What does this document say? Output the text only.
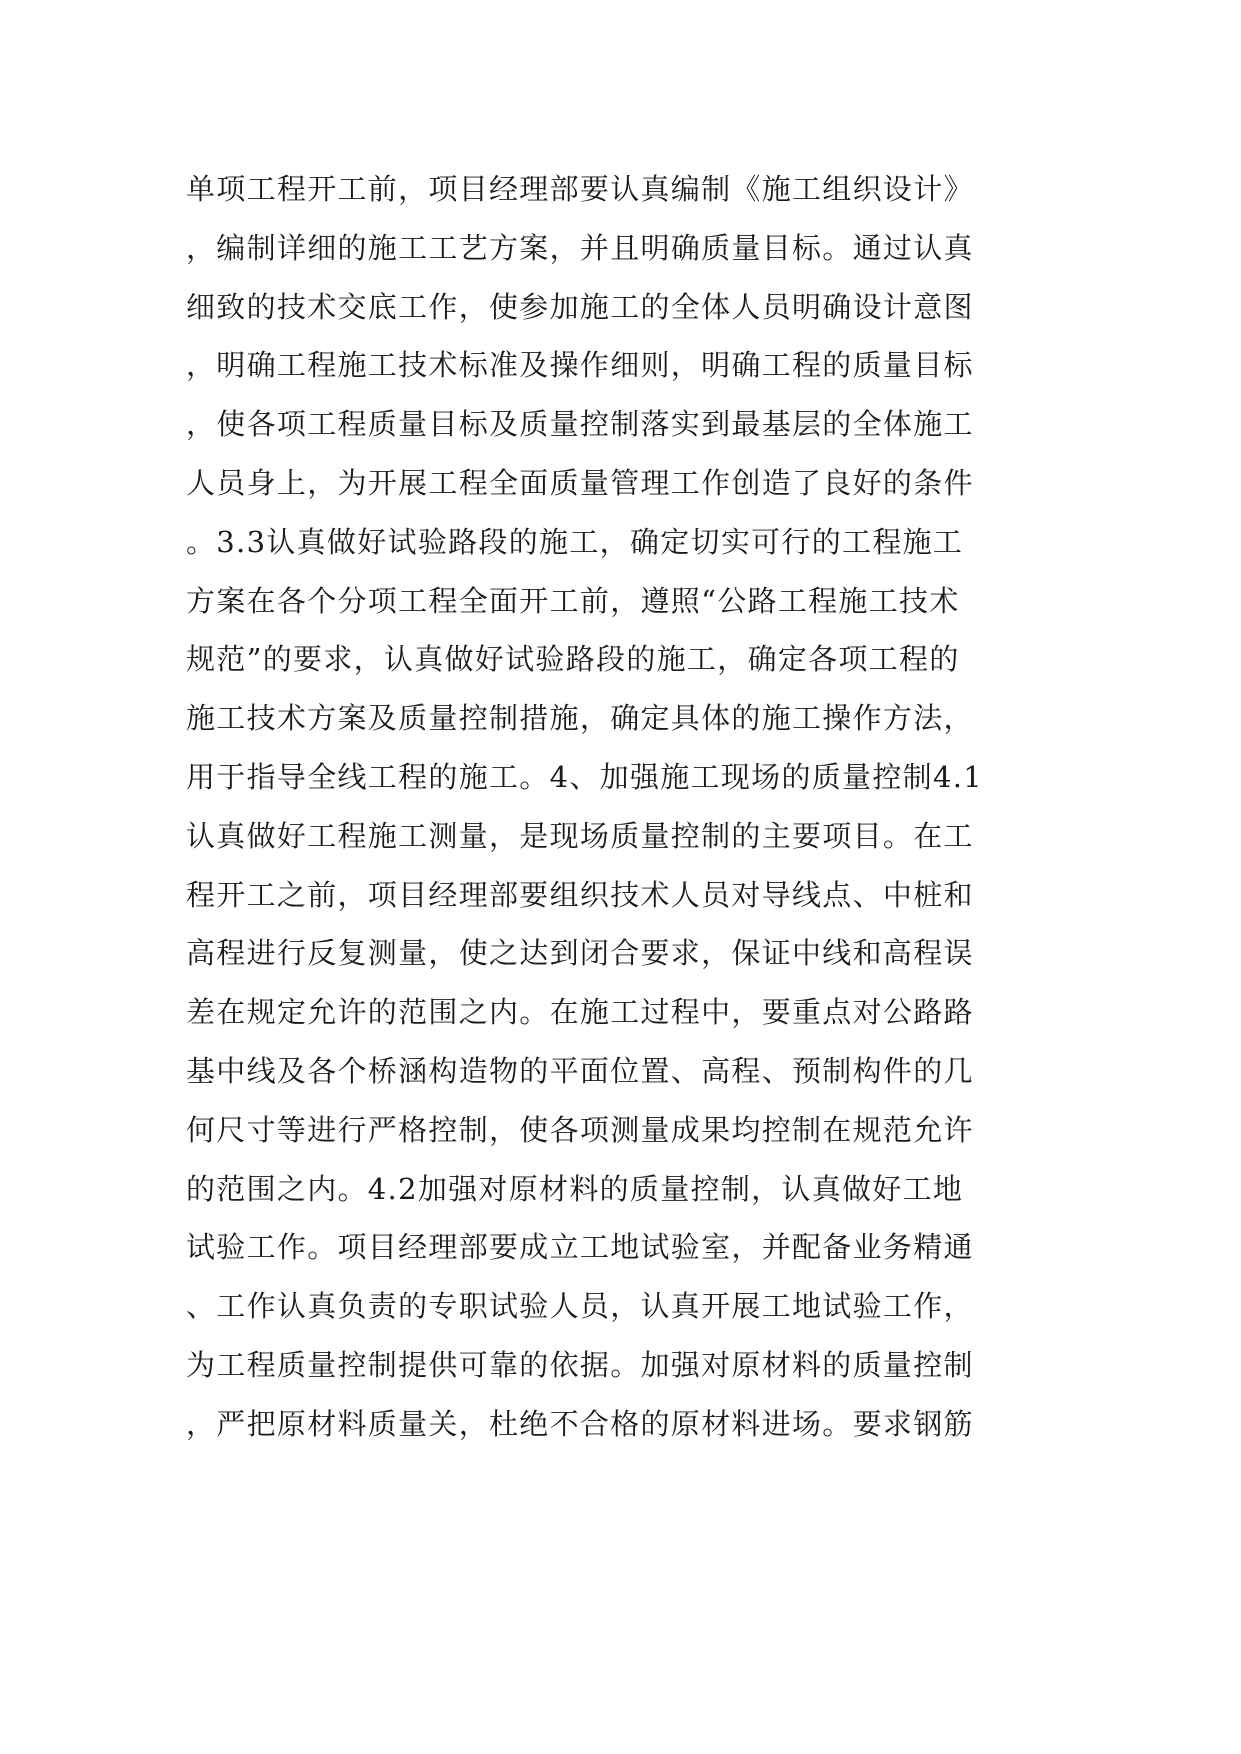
单项工程开工前，项目经理部要认真编制《施工组织设计》
，编制详细的施工工艺方案，并且明确质量目标。通过认真
细致的技术交底工作，使参加施工的全体人员明确设计意图
，明确工程施工技术标准及操作细则，明确工程的质量目标
，使各项工程质量目标及质量控制落实到最基层的全体施工
人员身上，为开展工程全面质量管理工作创造了良好的条件
。3.3认真做好试验路段的施工，确定切实可行的工程施工
方案在各个分项工程全面开工前，遵照“公路工程施工技术
规范”的要求，认真做好试验路段的施工，确定各项工程的
施工技术方案及质量控制措施，确定具体的施工操作方法，
用于指导全线工程的施工。4、加强施工现场的质量控制4.1
认真做好工程施工测量，是现场质量控制的主要项目。在工
程开工之前，项目经理部要组织技术人员对导线点、中桩和
高程进行反复测量，使之达到闭合要求，保证中线和高程误
差在规定允许的范围之内。在施工过程中，要重点对公路路
基中线及各个桥涵构造物的平面位置、高程、预制构件的几
何尺寸等进行严格控制，使各项测量成果均控制在规范允许
的范围之内。4.2加强对原材料的质量控制，认真做好工地
试验工作。项目经理部要成立工地试验室，并配备业务精通
、工作认真负责的专职试验人员，认真开展工地试验工作，
为工程质量控制提供可靠的依据。加强对原材料的质量控制
，严把原材料质量关，杜绝不合格的原材料进场。要求钢筋
